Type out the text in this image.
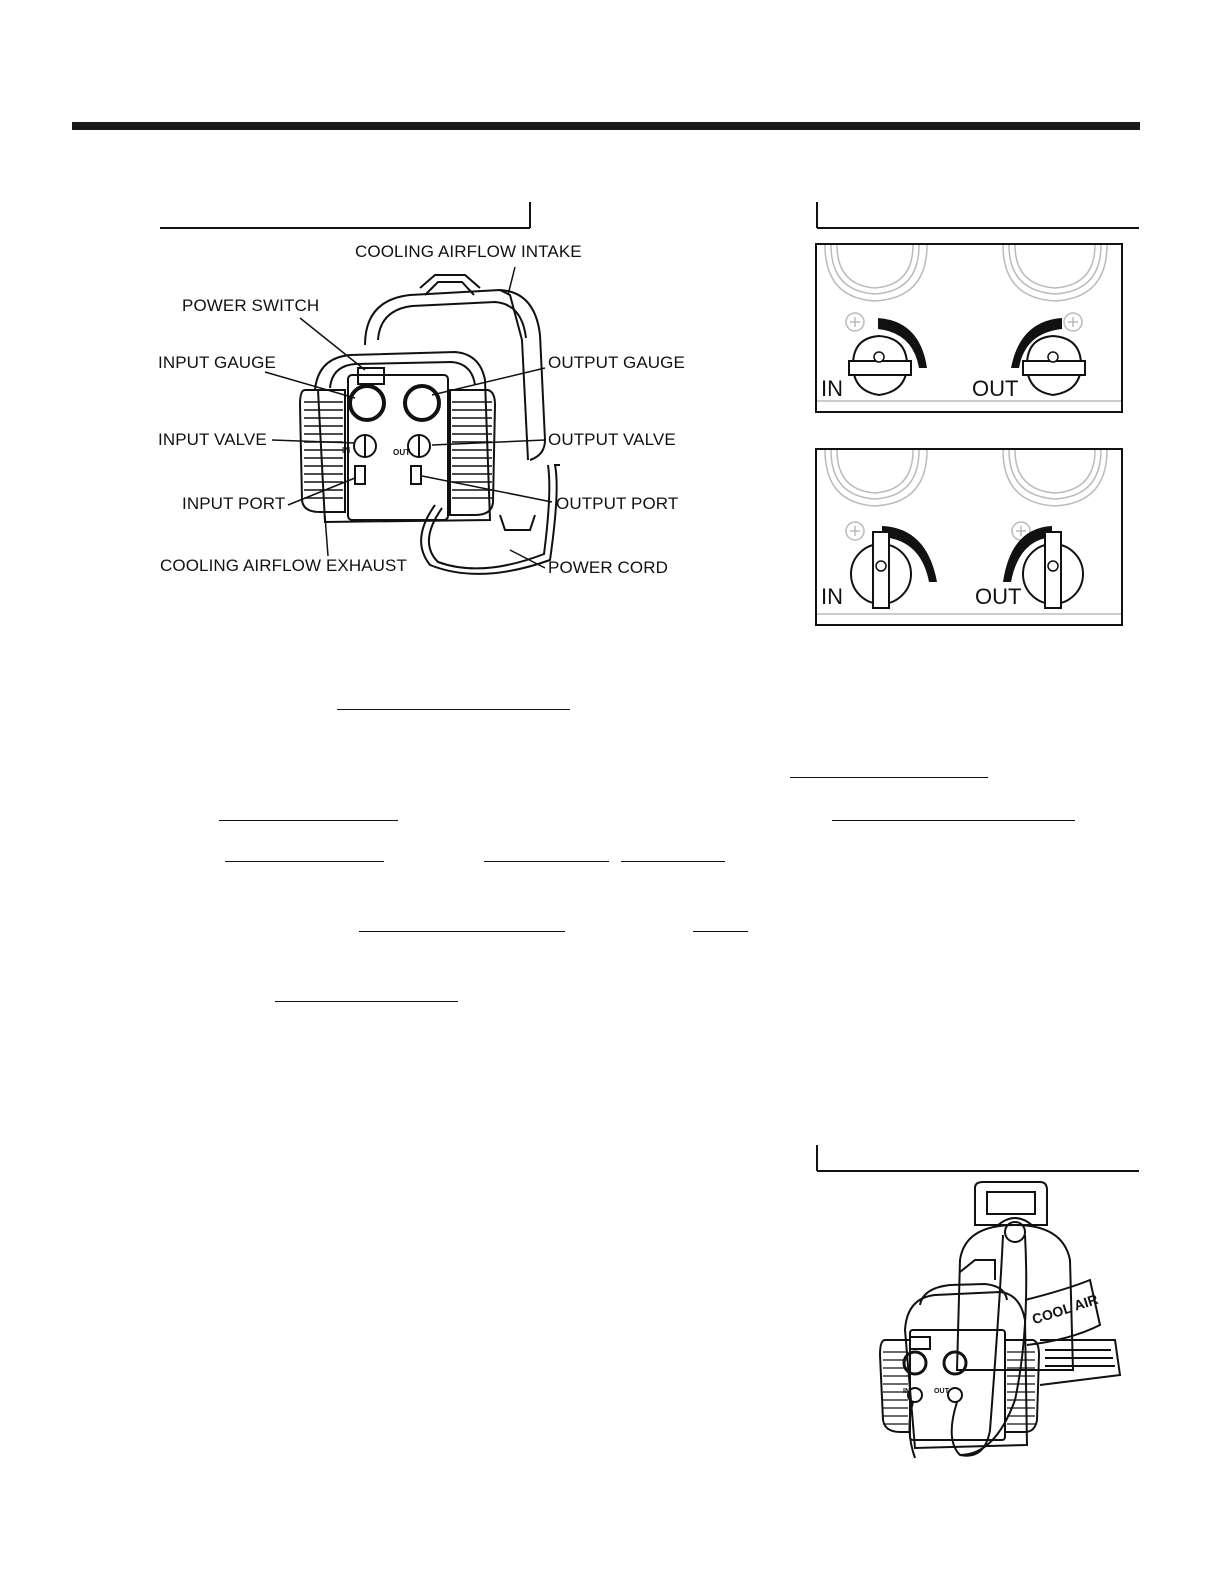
IN	OUT
COOLING AIRFLOW INTAKE
POWER SWITCH
INPUT GAUGE	OUTPUT GAUGE
INPUT VALVE	OUTPUT VALVE
INPUT PORT	OUTPUT PORT
COOLING AIRFLOW EXHAUST	POWER CORD
IN	OUT
IN	OUT
COOL AIR
IN	OUT
